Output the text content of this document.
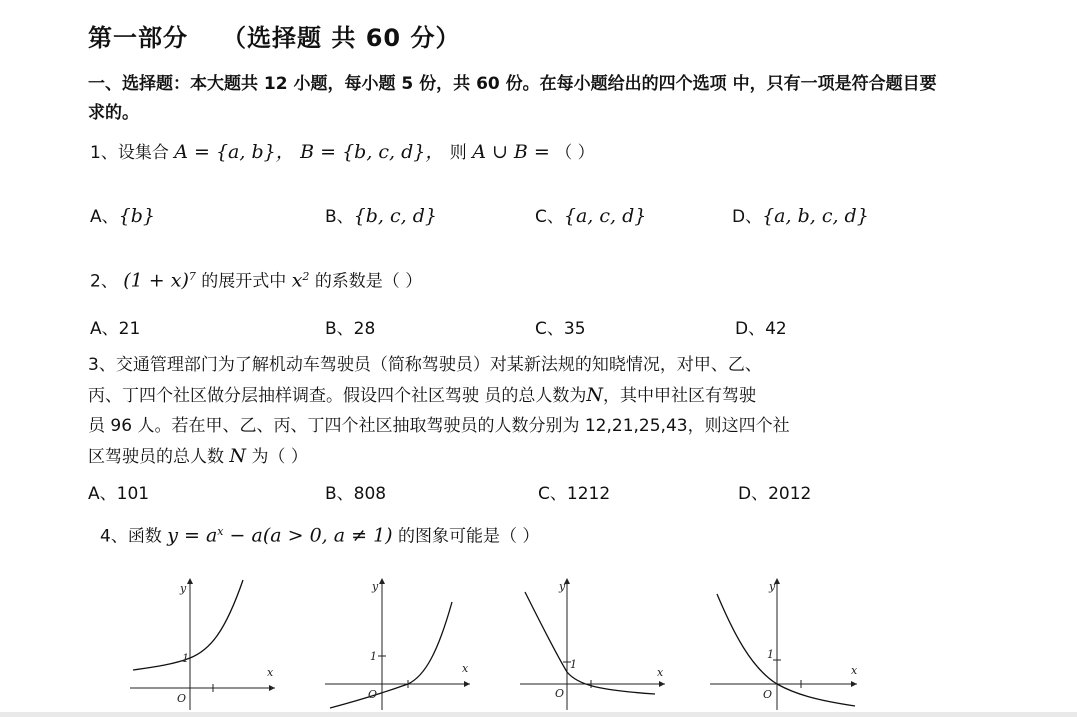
第一部分 （选择题 共 60 分）
一、选择题：本大题共 12 小题，每小题 5 份，共 60 份。在每小题给出的四个选项 中，只有一项是符合题目要求的。
1、设集合 A = {a, b}， B = {b, c, d}， 则 A ∪ B = （ ）
A、{b}	B、{b, c, d}	C、{a, c, d}	D、{a, b, c, d}
2、 $(1 + x)^7$ 的展开式中 $x^2$ 的系数是（ ）
A、21	B、28	C、35	D、42
3、交通管理部门为了解机动车驾驶员（简称驾驶员）对某新法规的知晓情况，对甲、乙、
丙、丁四个社区做分层抽样调查。假设四个社区驾驶 员的总人数为N，其中甲社区有驾驶
员 96 人。若在甲、乙、丙、丁四个社区抽取驾驶员的人数分别为 12,21,25,43，则这四个社
区驾驶员的总人数 N 为（ ）
A、101	B、808	C、1212	D、2012
4、函数 $y = a^x - a(a > 0$, a ≠ 1) 的图象可能是（ ）
y
x
O
1
y
x
O
1
y
x
O
1
y
x
O
1
